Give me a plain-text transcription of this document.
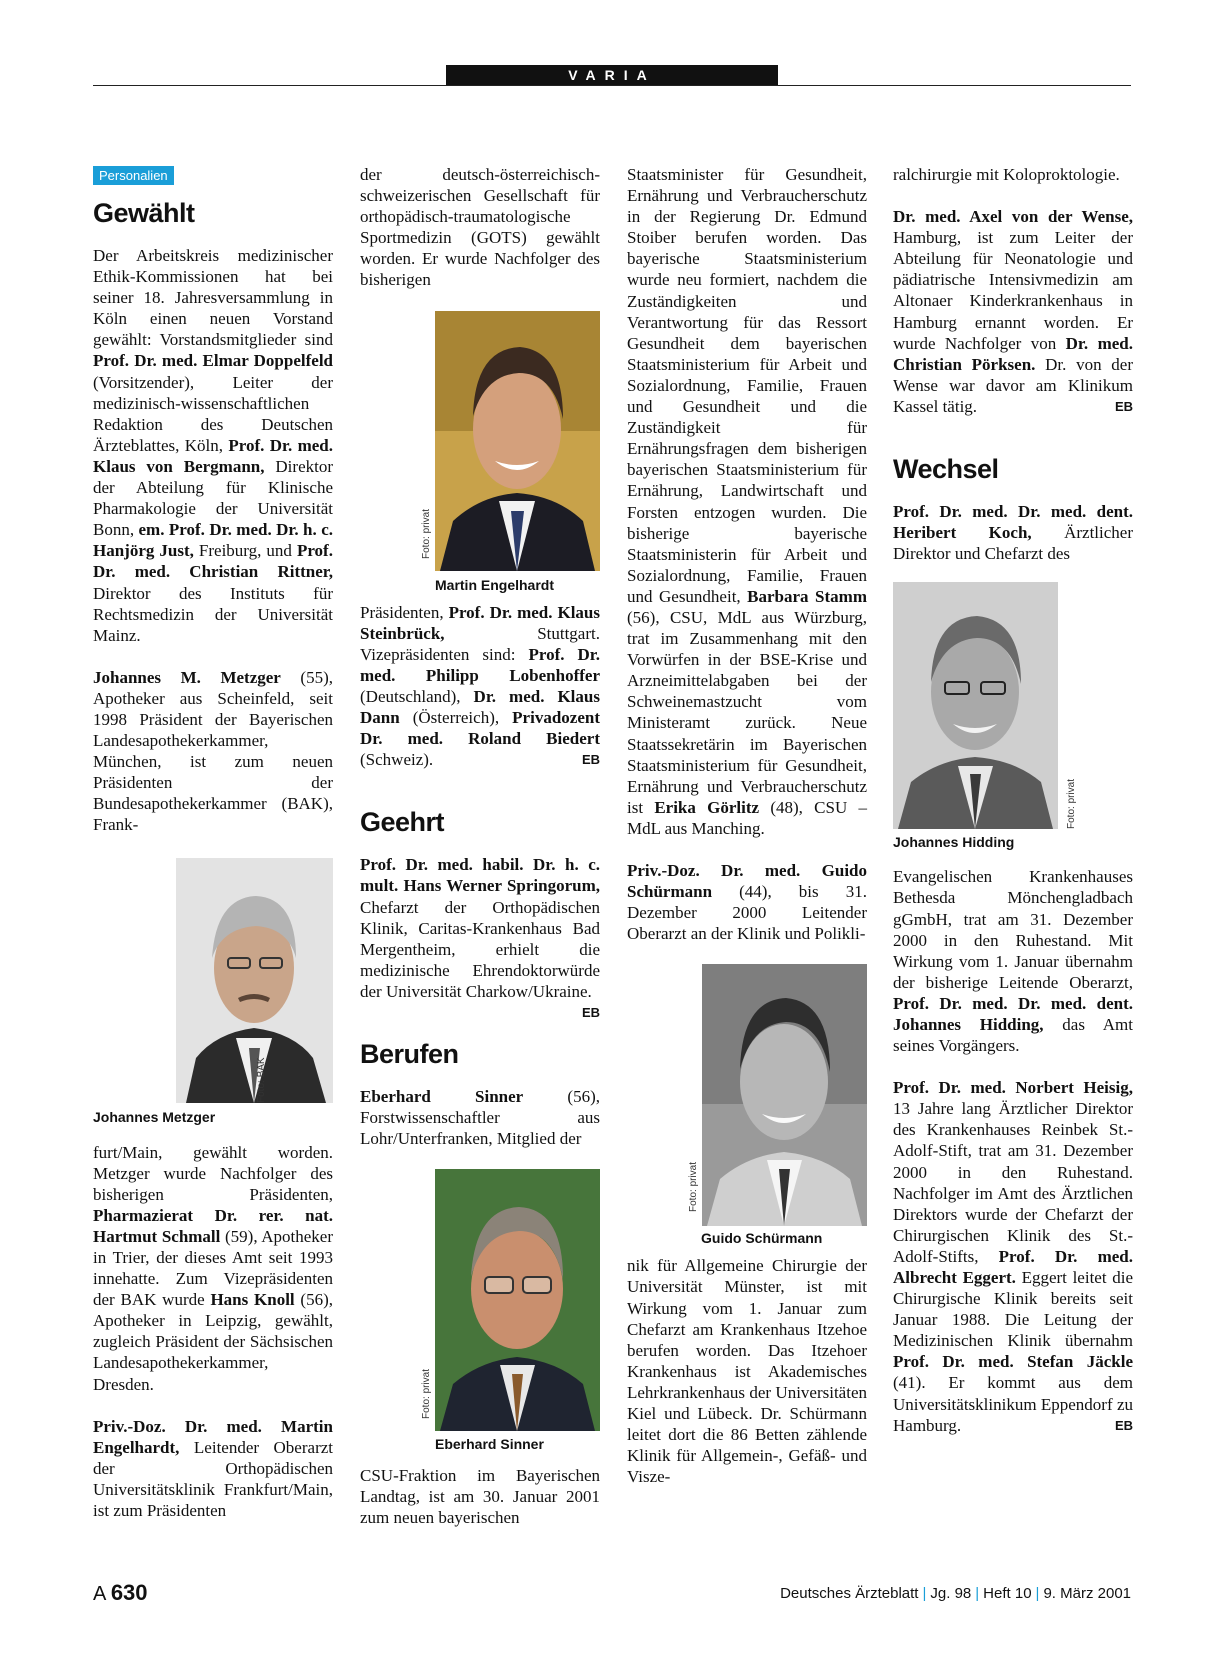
VARIA
Personalien
Gewählt

Der Arbeitskreis medizinischer Ethik-Kommissionen hat bei seiner 18. Jahresversammlung in Köln einen neuen Vorstand gewählt: Vorstandsmitglieder sind Prof. Dr. med. Elmar Doppelfeld (Vorsitzender), Leiter der medizinisch-wissenschaftlichen Redaktion des Deutschen Ärzteblattes, Köln, Prof. Dr. med. Klaus von Bergmann, Direktor der Abteilung für Klinische Pharmakologie der Universität Bonn, em. Prof. Dr. med. Dr. h. c. Hanjörg Just, Freiburg, und Prof. Dr. med. Christian Rittner, Direktor des Instituts für Rechtsmedizin der Universität Mainz.

Johannes M. Metzger (55), Apotheker aus Scheinfeld, seit 1998 Präsident der Bayerischen Landesapothekerkammer, München, ist zum neuen Präsidenten der Bundesapothekerkammer (BAK), Frank-

Foto: BAK
Johannes Metzger

furt/Main, gewählt worden. Metzger wurde Nachfolger des bisherigen Präsidenten, Pharmazierat Dr. rer. nat. Hartmut Schmall (59), Apotheker in Trier, der dieses Amt seit 1993 innehatte. Zum Vizepräsidenten der BAK wurde Hans Knoll (56), Apotheker in Leipzig, gewählt, zugleich Präsident der Sächsischen Landesapothekerkammer, Dresden.

Priv.-Doz. Dr. med. Martin Engelhardt, Leitender Oberarzt der Orthopädischen Universitätsklinik Frankfurt/Main, ist zum Präsidenten

der deutsch-österreichisch-schweizerischen Gesellschaft für orthopädisch-traumatologische Sportmedizin (GOTS) gewählt worden. Er wurde Nachfolger des bisherigen

Foto: privat
Martin Engelhardt

Präsidenten, Prof. Dr. med. Klaus Steinbrück, Stuttgart. Vizepräsidenten sind: Prof. Dr. med. Philipp Lobenhoffer (Deutschland), Dr. med. Klaus Dann (Österreich), Privadozent Dr. med. Roland Biedert (Schweiz).	EB

Geehrt

Prof. Dr. med. habil. Dr. h. c. mult. Hans Werner Springorum, Chefarzt der Orthopädischen Klinik, Caritas-Krankenhaus Bad Mergentheim, erhielt die medizinische Ehrendoktorwürde der Universität Charkow/Ukraine.
EB

Berufen

Eberhard Sinner (56), Forstwissenschaftler aus Lohr/Unterfranken, Mitglied der

Foto: privat
Eberhard Sinner

CSU-Fraktion im Bayerischen Landtag, ist am 30. Januar 2001 zum neuen bayerischen

Staatsminister für Gesundheit, Ernährung und Verbraucherschutz in der Regierung Dr. Edmund Stoiber berufen worden. Das bayerische Staatsministerium wurde neu formiert, nachdem die Zuständigkeiten und Verantwortung für das Ressort Gesundheit dem bayerischen Staatsministerium für Arbeit und Sozialordnung, Familie, Frauen und Gesundheit und die Zuständigkeit für Ernährungsfragen dem bisherigen bayerischen Staatsministerium für Ernährung, Landwirtschaft und Forsten entzogen wurden. Die bisherige bayerische Staatsministerin für Arbeit und Sozialordnung, Familie, Frauen und Gesundheit, Barbara Stamm (56), CSU, MdL aus Würzburg, trat im Zusammenhang mit den Vorwürfen in der BSE-Krise und Arzneimittelabgaben bei der Schweinemastzucht vom Ministeramt zurück. Neue Staatssekretärin im Bayerischen Staatsministerium für Gesundheit, Ernährung und Verbraucherschutz ist Erika Görlitz (48), CSU – MdL aus Manching.

Priv.-Doz. Dr. med. Guido Schürmann (44), bis 31. Dezember 2000 Leitender Oberarzt an der Klinik und Polikli-

Foto: privat
Guido Schürmann

nik für Allgemeine Chirurgie der Universität Münster, ist mit Wirkung vom 1. Januar zum Chefarzt am Krankenhaus Itzehoe berufen worden. Das Itzehoer Krankenhaus ist Akademisches Lehrkrankenhaus der Universitäten Kiel und Lübeck. Dr. Schürmann leitet dort die 86 Betten zählende Klinik für Allgemein-, Gefäß- und Visze-

ralchirurgie mit Koloproktologie.

Dr. med. Axel von der Wense, Hamburg, ist zum Leiter der Abteilung für Neonatologie und pädiatrische Intensivmedizin am Altonaer Kinderkrankenhaus in Hamburg ernannt worden. Er wurde Nachfolger von Dr. med. Christian Pörksen. Dr. von der Wense war davor am Klinikum Kassel tätig.	EB

Wechsel

Prof. Dr. med. Dr. med. dent. Heribert Koch, Ärztlicher Direktor und Chefarzt des

Foto: privat
Johannes Hidding

Evangelischen Krankenhauses Bethesda Mönchengladbach gGmbH, trat am 31. Dezember 2000 in den Ruhestand. Mit Wirkung vom 1. Januar übernahm der bisherige Leitende Oberarzt, Prof. Dr. med. Dr. med. dent. Johannes Hidding, das Amt seines Vorgängers.

Prof. Dr. med. Norbert Heisig, 13 Jahre lang Ärztlicher Direktor des Krankenhauses Reinbek St.-Adolf-Stift, trat am 31. Dezember 2000 in den Ruhestand. Nachfolger im Amt des Ärztlichen Direktors wurde der Chefarzt der Chirurgischen Klinik des St.-Adolf-Stifts, Prof. Dr. med. Albrecht Eggert. Eggert leitet die Chirurgische Klinik bereits seit Januar 1988. Die Leitung der Medizinischen Klinik übernahm Prof. Dr. med. Stefan Jäckle (41). Er kommt aus dem Universitätsklinikum Eppendorf zu Hamburg.	EB

A 630	Deutsches Ärzteblatt | Jg. 98 | Heft 10 | 9. März 2001
